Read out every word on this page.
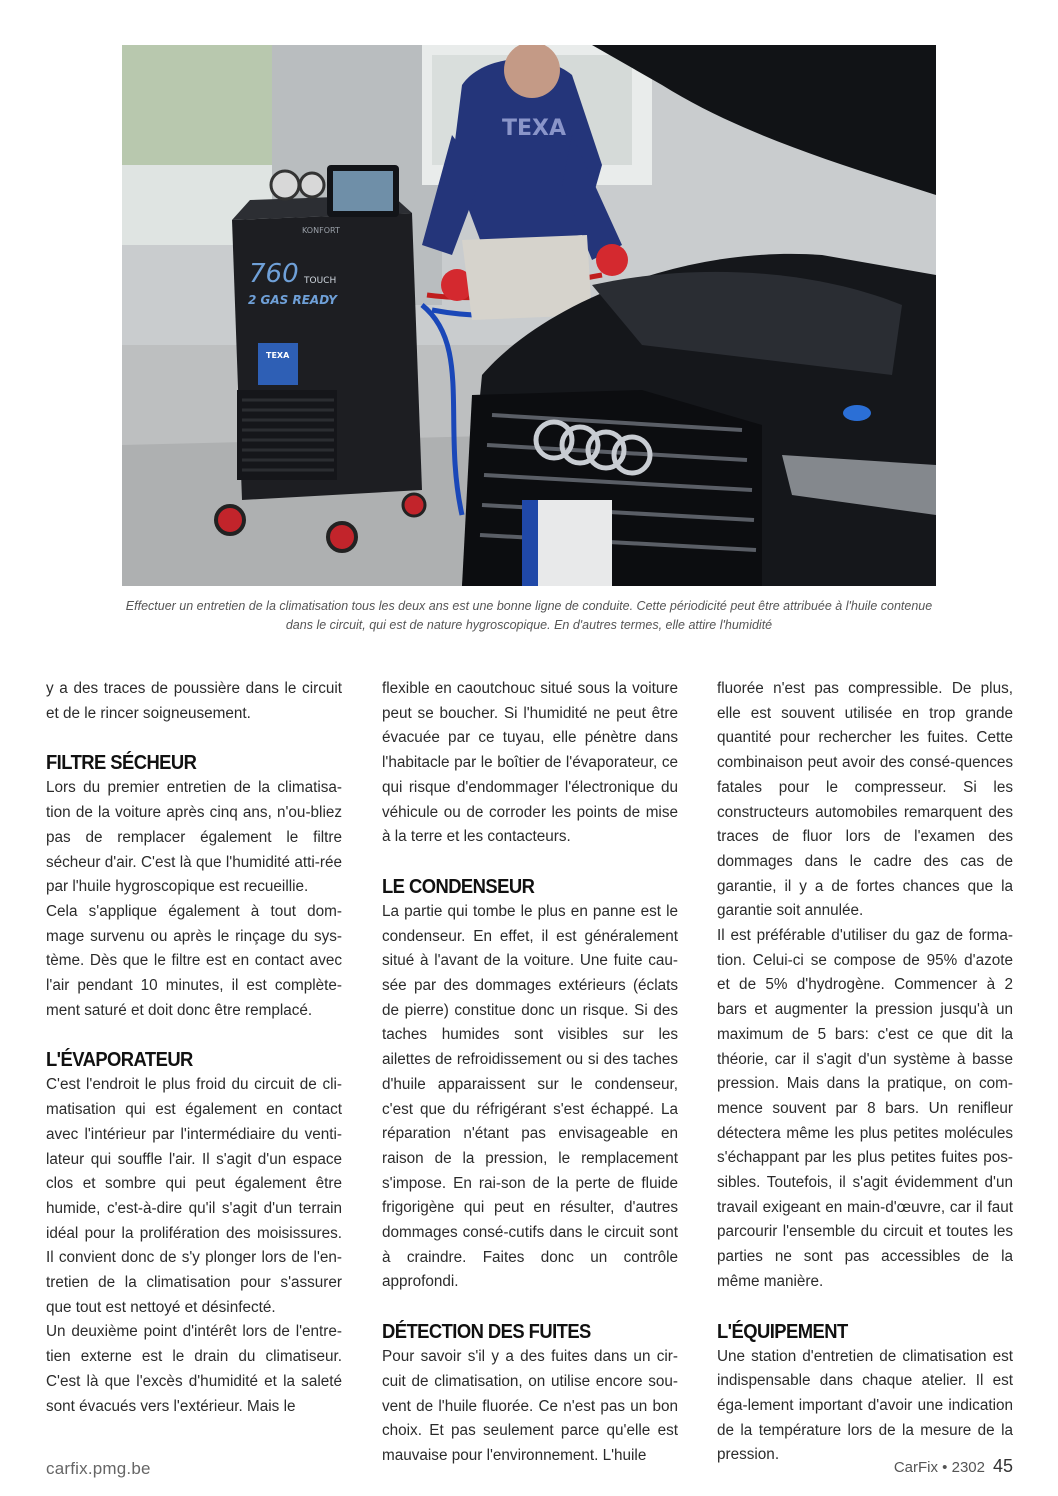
760 TOUCH
2 GAS READY
KONFORT
TEXA
TEXA
Effectuer un entretien de la climatisation tous les deux ans est une bonne ligne de conduite. Cette périodicité peut être attribuée à l'huile contenue
dans le circuit, qui est de nature hygroscopique. En d'autres termes, elle attire l'humidité

y a des traces de poussière dans le circuit et de le rincer soigneusement.

FILTRE SÉCHEUR

Lors du premier entretien de la climatisa-tion de la voiture après cinq ans, n'ou-bliez pas de remplacer également le filtre sécheur d'air. C'est là que l'humidité atti-rée par l'huile hygroscopique est recueillie.

Cela s'applique également à tout dom-mage survenu ou après le rinçage du sys-tème. Dès que le filtre est en contact avec l'air pendant 10 minutes, il est complète-ment saturé et doit donc être remplacé.

L'ÉVAPORATEUR

C'est l'endroit le plus froid du circuit de cli-matisation qui est également en contact avec l'intérieur par l'intermédiaire du venti-lateur qui souffle l'air. Il s'agit d'un espace clos et sombre qui peut également être humide, c'est-à-dire qu'il s'agit d'un terrain idéal pour la prolifération des moisissures. Il convient donc de s'y plonger lors de l'en-tretien de la climatisation pour s'assurer que tout est nettoyé et désinfecté.

Un deuxième point d'intérêt lors de l'entre-tien externe est le drain du climatiseur. C'est là que l'excès d'humidité et la saleté sont évacués vers l'extérieur. Mais le

flexible en caoutchouc situé sous la voiture peut se boucher. Si l'humidité ne peut être évacuée par ce tuyau, elle pénètre dans l'habitacle par le boîtier de l'évaporateur, ce qui risque d'endommager l'électronique du véhicule ou de corroder les points de mise à la terre et les contacteurs.

LE CONDENSEUR

La partie qui tombe le plus en panne est le condenseur. En effet, il est généralement situé à l'avant de la voiture. Une fuite cau-sée par des dommages extérieurs (éclats de pierre) constitue donc un risque. Si des taches humides sont visibles sur les ailettes de refroidissement ou si des taches d'huile apparaissent sur le condenseur, c'est que du réfrigérant s'est échappé. La réparation n'étant pas envisageable en raison de la pression, le remplacement s'impose. En rai-son de la perte de fluide frigorigène qui peut en résulter, d'autres dommages consé-cutifs dans le circuit sont à craindre. Faites donc un contrôle approfondi.

DÉTECTION DES FUITES

Pour savoir s'il y a des fuites dans un cir-cuit de climatisation, on utilise encore sou-vent de l'huile fluorée. Ce n'est pas un bon choix. Et pas seulement parce qu'elle est mauvaise pour l'environnement. L'huile

fluorée n'est pas compressible. De plus, elle est souvent utilisée en trop grande quantité pour rechercher les fuites. Cette combinaison peut avoir des consé-quences fatales pour le compresseur. Si les constructeurs automobiles remarquent des traces de fluor lors de l'examen des dommages dans le cadre des cas de garantie, il y a de fortes chances que la garantie soit annulée.

Il est préférable d'utiliser du gaz de forma-tion. Celui-ci se compose de 95% d'azote et de 5% d'hydrogène. Commencer à 2 bars et augmenter la pression jusqu'à un maximum de 5 bars: c'est ce que dit la théorie, car il s'agit d'un système à basse pression. Mais dans la pratique, on com-mence souvent par 8 bars. Un renifleur détectera même les plus petites molécules s'échappant par les plus petites fuites pos-sibles. Toutefois, il s'agit évidemment d'un travail exigeant en main-d'œuvre, car il faut parcourir l'ensemble du circuit et toutes les parties ne sont pas accessibles de la même manière.

L'ÉQUIPEMENT

Une station d'entretien de climatisation est indispensable dans chaque atelier. Il est éga-lement important d'avoir une indication de la température lors de la mesure de la pression.

carfix.pmg.be	CarFix • 2302 45
